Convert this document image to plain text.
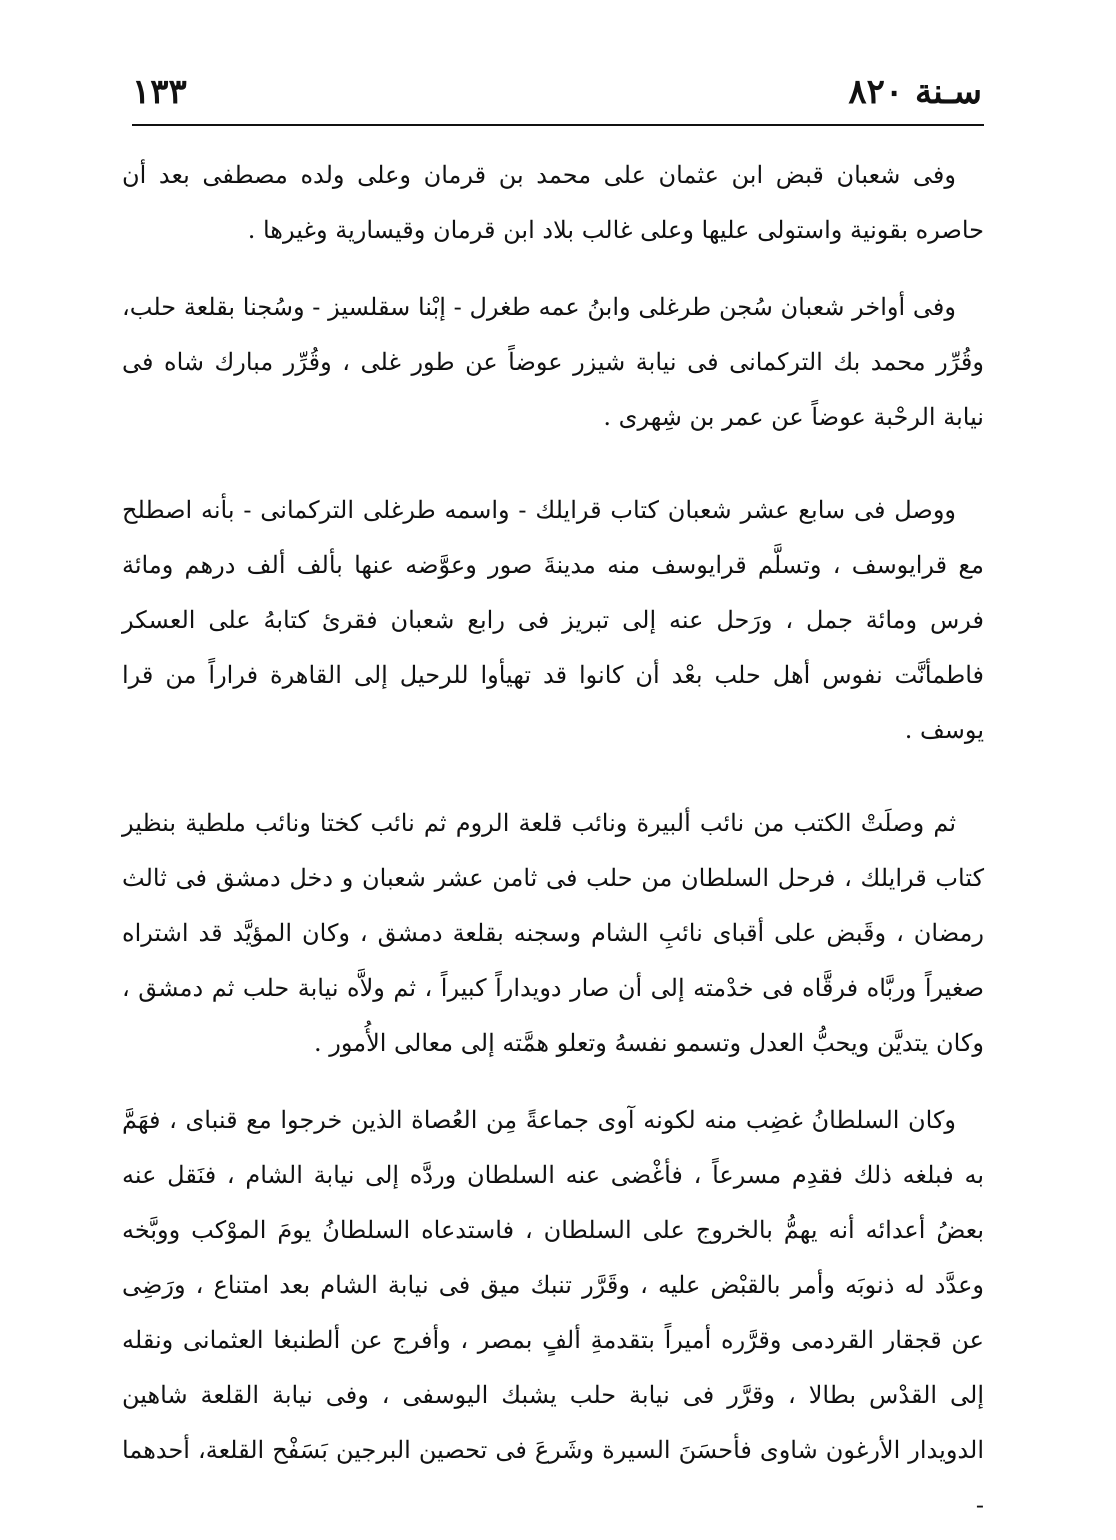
سـنة ٨٢٠
١٣٣

وفى شعبان قبض ابن عثمان على محمد بن قرمان وعلى ولده مصطفى بعد أن حاصره بقونية واستولى عليها وعلى غالب بلاد ابن قرمان وقيسارية وغيرها .

وفى أواخر شعبان سُجن طرغلى وابنُ عمه طغرل - إبْنا سقلسيز - وسُجنا بقلعة حلب، وقُرِّر محمد بك التركمانى فى نيابة شيزر عوضاً عن طور غلى ، وقُرِّر مبارك شاه فى نيابة الرحْبة عوضاً عن عمر بن شِهرى .

ووصل فى سابع عشر شعبان كتاب قرايلك - واسمه طرغلى التركمانى - بأنه اصطلح مع قرايوسف ، وتسلَّم قرايوسف منه مدينةَ صور وعوَّضه عنها بألف ألف درهم ومائة فرس ومائة جمل ، ورَحل عنه إلى تبريز فى رابع شعبان فقرئ كتابهُ على العسكر فاطمأنَّت نفوس أهل حلب بعْد أن كانوا قد تهيأوا للرحيل إلى القاهرة فراراً من قرا يوسف .

ثم وصلَتْ الكتب من نائب ألبيرة ونائب قلعة الروم ثم نائب كختا ونائب ملطية بنظير كتاب قرايلك ، فرحل السلطان من حلب فى ثامن عشر شعبان و دخل دمشق فى ثالث رمضان ، وقَبض على أقباى نائبِ الشام وسجنه بقلعة دمشق ، وكان المؤيَّد قد اشتراه صغيراً وربَّاه فرقَّاه فى خدْمته إلى أن صار دويداراً كبيراً ، ثم ولاَّه نيابة حلب ثم دمشق ، وكان يتديَّن ويحبُّ العدل وتسمو نفسهُ وتعلو همَّته إلى معالى الأُمور .

وكان السلطانُ غضِب منه لكونه آوى جماعةً مِن العُصاة الذين خرجوا مع قنباى ، فهَمَّ به فبلغه ذلك فقدِم مسرعاً ، فأغْضى عنه السلطان وردَّه إلى نيابة الشام ، فنَقل عنه بعضُ أعدائه أنه يهمُّ بالخروج على السلطان ، فاستدعاه السلطانُ يومَ الموْكب ووبَّخه وعدَّد له ذنوبَه وأمر بالقبْض عليه ، وقَرَّر تنبك ميق فى نيابة الشام بعد امتناع ، ورَضِى عن قجقار القردمى وقرَّره أميراً بتقدمةِ ألفٍ بمصر ، وأفرج عن ألطنبغا العثمانى ونقله إلى القدْس بطالا ، وقرَّر فى نيابة حلب يشبك اليوسفى ، وفى نيابة القلعة شاهين الدويدار الأرغون شاوى فأحسَنَ السيرة وشَرعَ فى تحصين البرجين بَسَفْح القلعة، أحدهما -
